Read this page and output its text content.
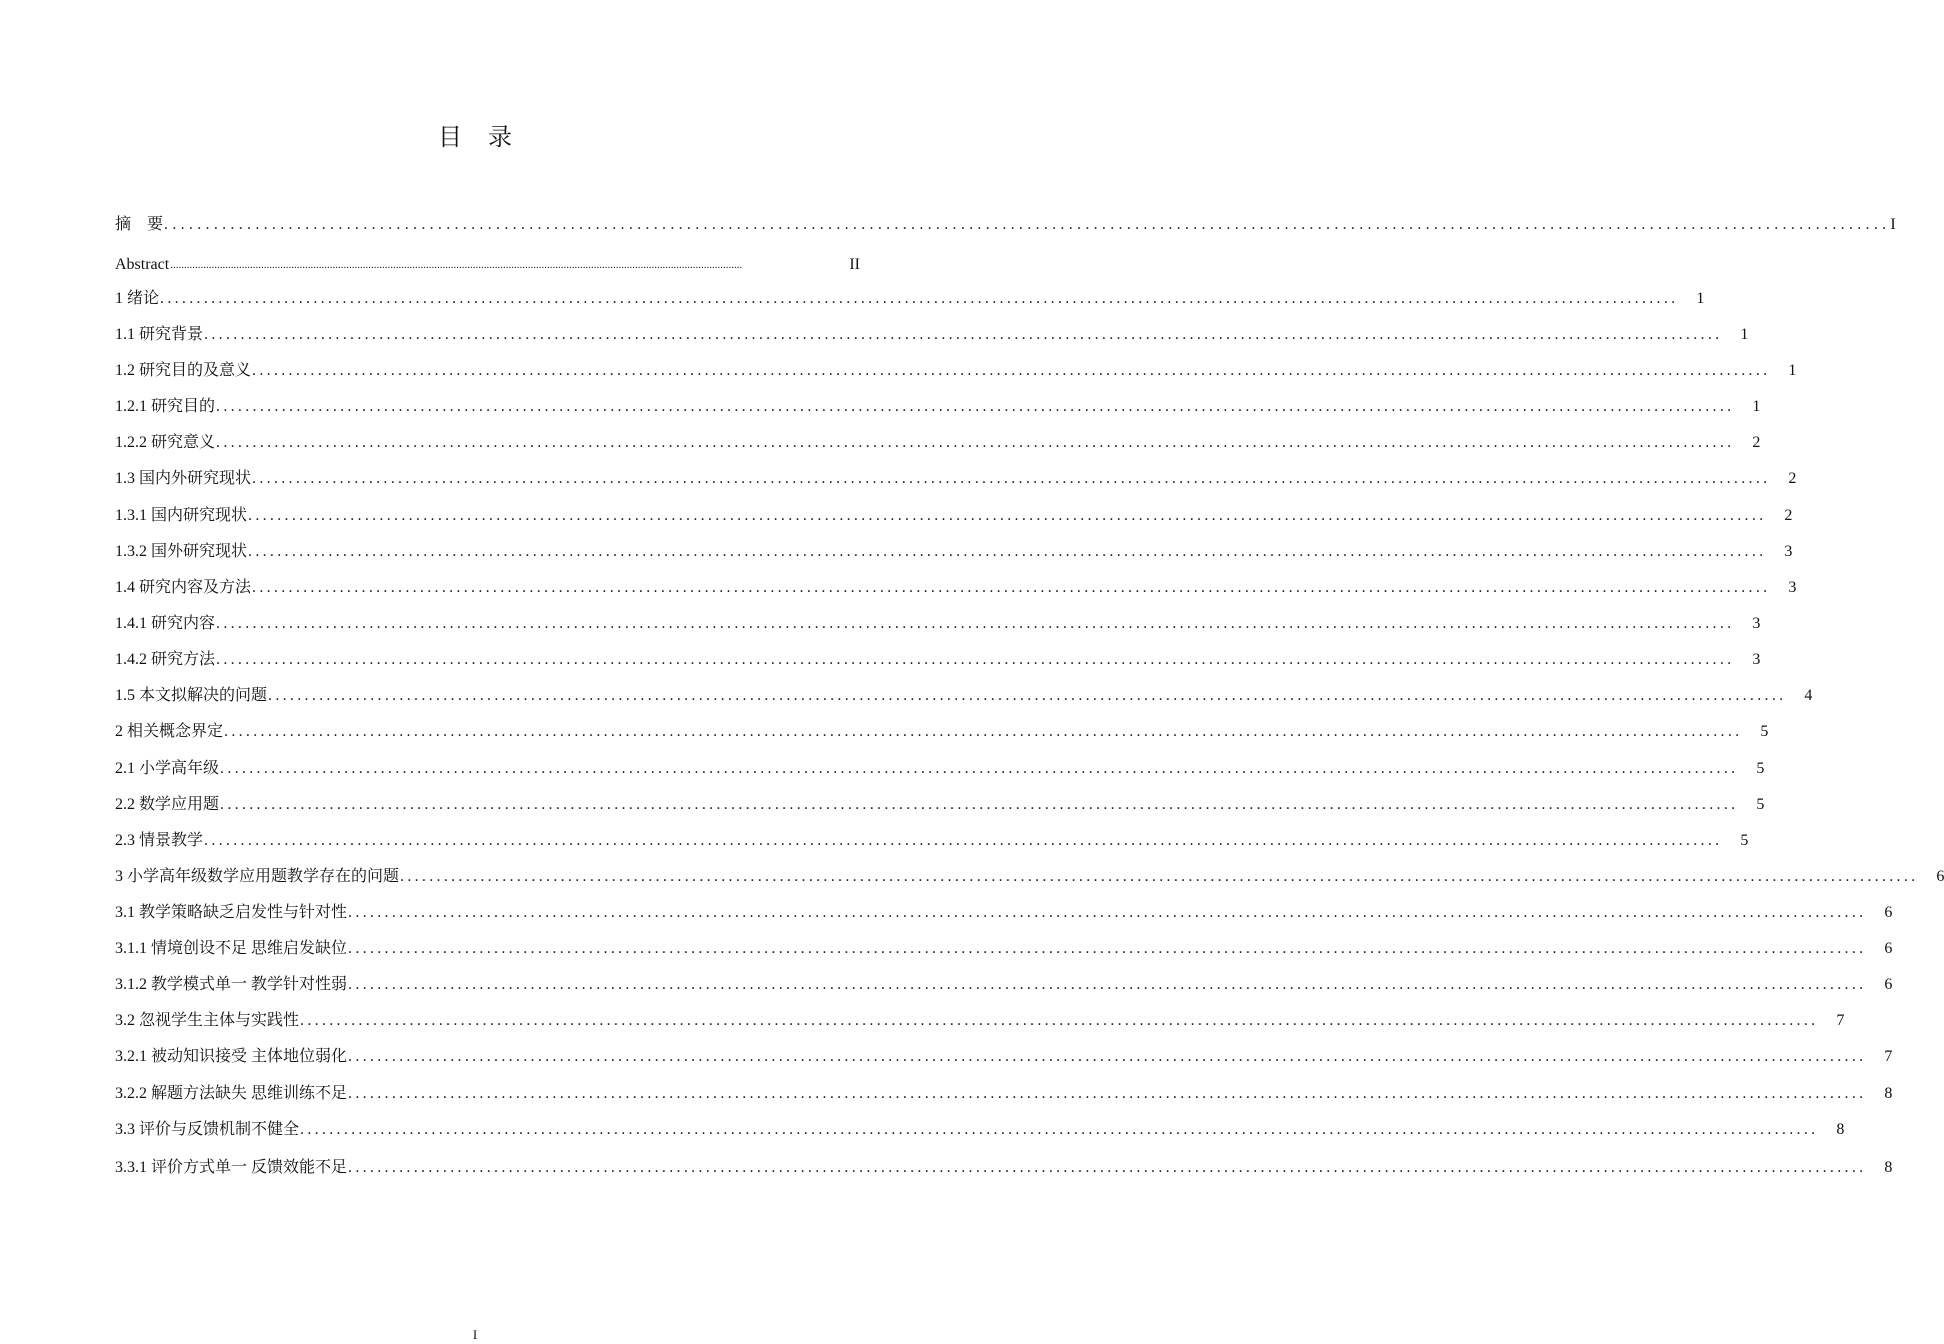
目录
摘　要 ................................................................................................................................................................................................................ I
Abstract ................................................................................................................................................................................................................	II
1 绪论 ................................................................................................................................................................................................................	1
1.1 研究背景 ................................................................................................................................................................................................................	1
1.2 研究目的及意义 ................................................................................................................................................................................................................	1
1.2.1 研究目的 ................................................................................................................................................................................................................	1
1.2.2 研究意义 ................................................................................................................................................................................................................	2
1.3 国内外研究现状 ................................................................................................................................................................................................................	2
1.3.1 国内研究现状 ................................................................................................................................................................................................................	2
1.3.2 国外研究现状 ................................................................................................................................................................................................................	3
1.4 研究内容及方法 ................................................................................................................................................................................................................	3
1.4.1 研究内容 ................................................................................................................................................................................................................	3
1.4.2 研究方法 ................................................................................................................................................................................................................	3
1.5 本文拟解决的问题 ................................................................................................................................................................................................................	4
2 相关概念界定 ................................................................................................................................................................................................................	5
2.1 小学高年级 ................................................................................................................................................................................................................	5
2.2 数学应用题 ................................................................................................................................................................................................................	5
2.3 情景教学 ................................................................................................................................................................................................................	5
3 小学高年级数学应用题教学存在的问题 ................................................................................................................................................................................................................	6
3.1 教学策略缺乏启发性与针对性 ................................................................................................................................................................................................................	6
3.1.1 情境创设不足 思维启发缺位 ................................................................................................................................................................................................................	6
3.1.2 教学模式单一 教学针对性弱 ................................................................................................................................................................................................................	6
3.2 忽视学生主体与实践性 ................................................................................................................................................................................................................	7
3.2.1 被动知识接受 主体地位弱化 ................................................................................................................................................................................................................	7
3.2.2 解题方法缺失 思维训练不足 ................................................................................................................................................................................................................	8
3.3 评价与反馈机制不健全 ................................................................................................................................................................................................................	8
3.3.1 评价方式单一 反馈效能不足 ................................................................................................................................................................................................................	8
I
